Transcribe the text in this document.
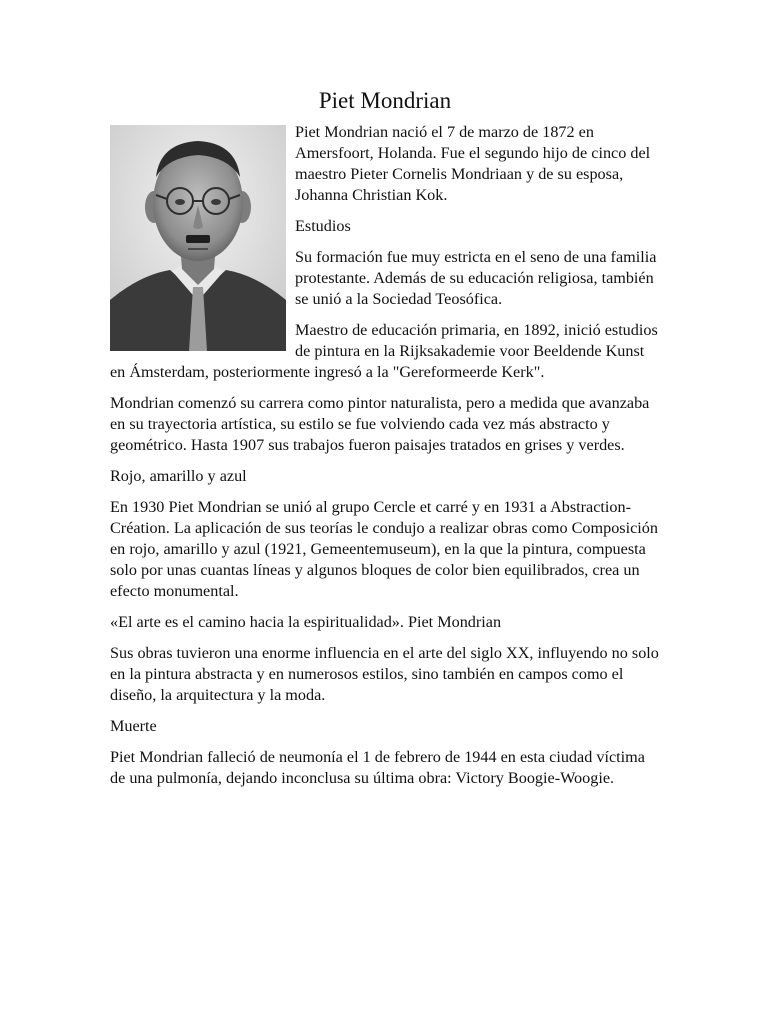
Piet Mondrian

Piet Mondrian nació el 7 de marzo de 1872 en Amersfoort, Holanda. Fue el segundo hijo de cinco del maestro Pieter Cornelis Mondriaan y de su esposa, Johanna Christian Kok.

Estudios

Su formación fue muy estricta en el seno de una familia protestante. Además de su educación religiosa, también se unió a la Sociedad Teosófica.

Maestro de educación primaria, en 1892, inició estudios de pintura en la Rijksakademie voor Beeldende Kunst en Ámsterdam, posteriormente ingresó a la "Gereformeerde Kerk".

Mondrian comenzó su carrera como pintor naturalista, pero a medida que avanzaba en su trayectoria artística, su estilo se fue volviendo cada vez más abstracto y geométrico. Hasta 1907 sus trabajos fueron paisajes tratados en grises y verdes.

Rojo, amarillo y azul

En 1930 Piet Mondrian se unió al grupo Cercle et carré y en 1931 a Abstraction-Création. La aplicación de sus teorías le condujo a realizar obras como Composición en rojo, amarillo y azul (1921, Gemeentemuseum), en la que la pintura, compuesta solo por unas cuantas líneas y algunos bloques de color bien equilibrados, crea un efecto monumental.

«El arte es el camino hacia la espiritualidad». Piet Mondrian

Sus obras tuvieron una enorme influencia en el arte del siglo XX, influyendo no solo en la pintura abstracta y en numerosos estilos, sino también en campos como el diseño, la arquitectura y la moda.

Muerte

Piet Mondrian falleció de neumonía el 1 de febrero de 1944 en esta ciudad víctima de una pulmonía, dejando inconclusa su última obra: Victory Boogie-Woogie.
